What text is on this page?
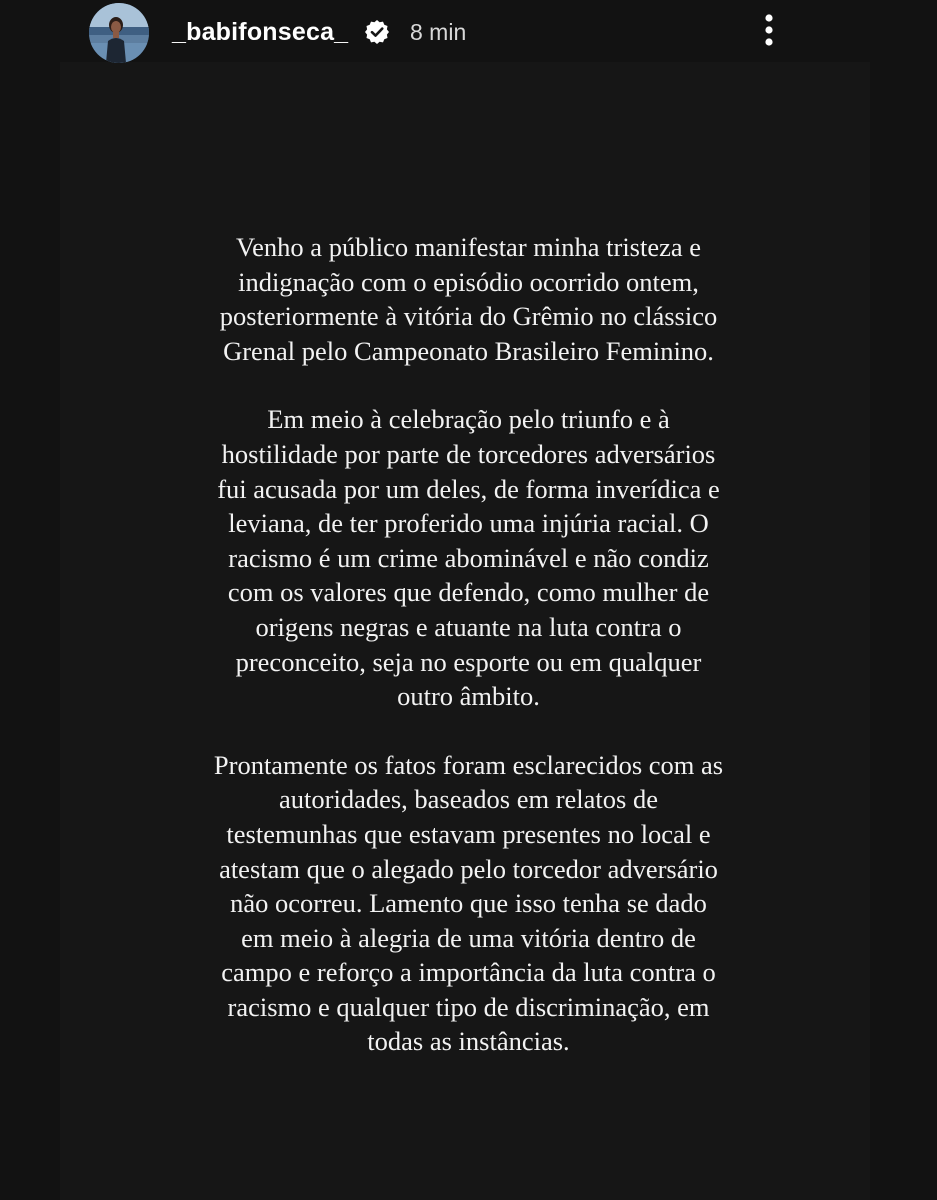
_babifonseca_	8 min

Venho a público manifestar minha tristeza e
indignação com o episódio ocorrido ontem,
posteriormente à vitória do Grêmio no clássico
Grenal pelo Campeonato Brasileiro Feminino.

Em meio à celebração pelo triunfo e à
hostilidade por parte de torcedores adversários
fui acusada por um deles, de forma inverídica e
leviana, de ter proferido uma injúria racial. O
racismo é um crime abominável e não condiz
com os valores que defendo, como mulher de
origens negras e atuante na luta contra o
preconceito, seja no esporte ou em qualquer
outro âmbito.

Prontamente os fatos foram esclarecidos com as
autoridades, baseados em relatos de
testemunhas que estavam presentes no local e
atestam que o alegado pelo torcedor adversário
não ocorreu. Lamento que isso tenha se dado
em meio à alegria de uma vitória dentro de
campo e reforço a importância da luta contra o
racismo e qualquer tipo de discriminação, em
todas as instâncias.
